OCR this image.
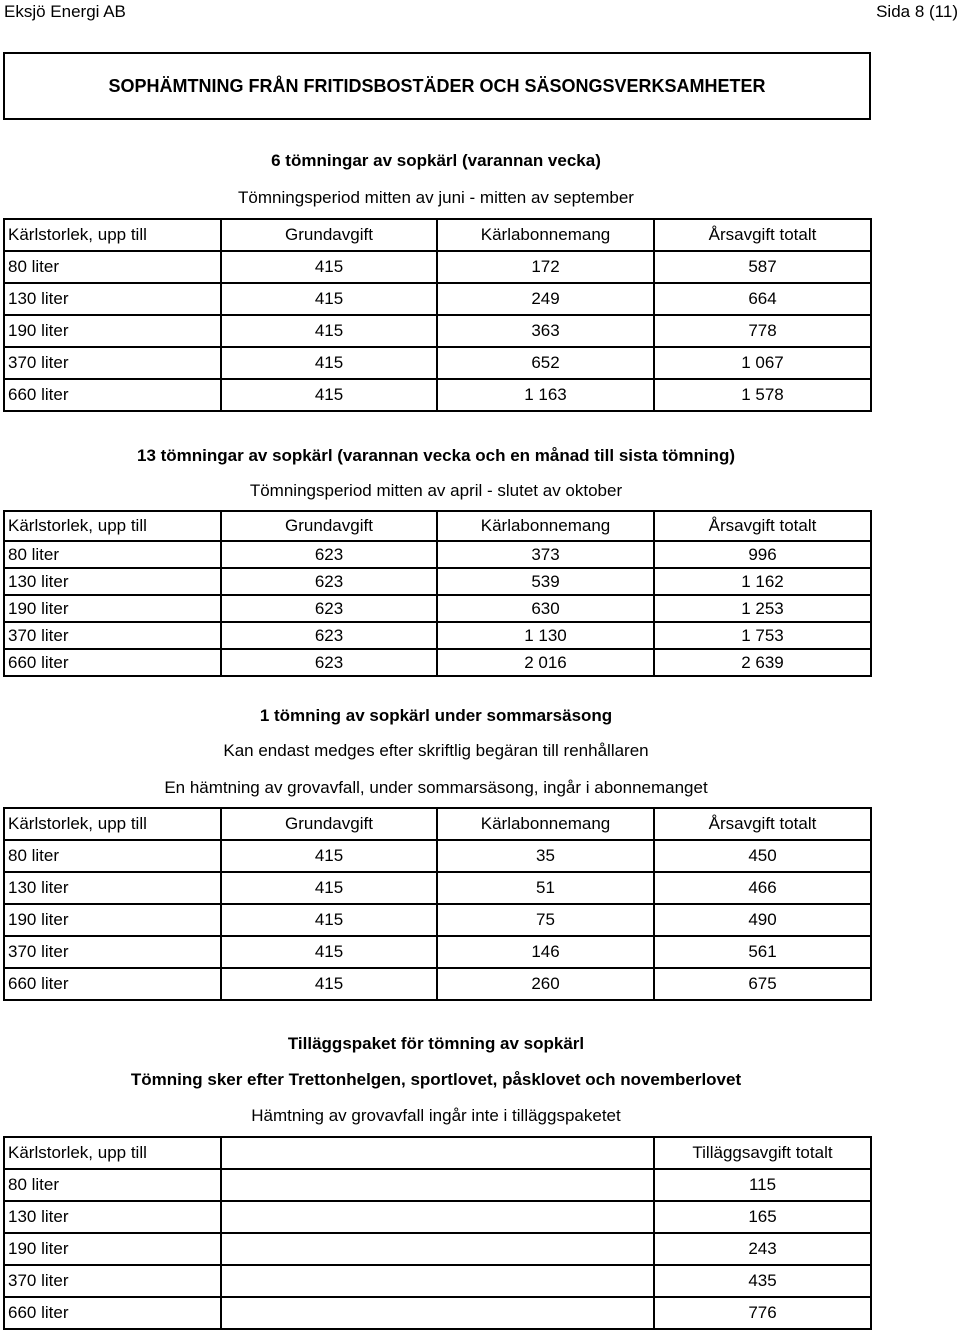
Eksjö Energi AB	Sida 8 (11)
SOPHÄMTNING FRÅN FRITIDSBOSTÄDER OCH SÄSONGSVERKSAMHETER
6 tömningar av sopkärl (varannan vecka)
Tömningsperiod mitten av juni - mitten av september
Kärlstorlek, upp till	Grundavgift	Kärlabonnemang	Årsavgift totalt
80 liter	415	172	587
130 liter	415	249	664
190 liter	415	363	778
370 liter	415	652	1 067
660 liter	415	1 163	1 578
13 tömningar av sopkärl (varannan vecka och en månad till sista tömning)
Tömningsperiod mitten av april - slutet av oktober
Kärlstorlek, upp till	Grundavgift	Kärlabonnemang	Årsavgift totalt
80 liter	623	373	996
130 liter	623	539	1 162
190 liter	623	630	1 253
370 liter	623	1 130	1 753
660 liter	623	2 016	2 639
1 tömning av sopkärl under sommarsäsong
Kan endast medges efter skriftlig begäran till renhållaren
En hämtning av grovavfall, under sommarsäsong, ingår i abonnemanget
Kärlstorlek, upp till	Grundavgift	Kärlabonnemang	Årsavgift totalt
80 liter	415	35	450
130 liter	415	51	466
190 liter	415	75	490
370 liter	415	146	561
660 liter	415	260	675
Tilläggspaket för tömning av sopkärl
Tömning sker efter Trettonhelgen, sportlovet, påsklovet och novemberlovet
Hämtning av grovavfall ingår inte i tilläggspaketet
Kärlstorlek, upp till		Tilläggsavgift totalt
80 liter		115
130 liter		165
190 liter		243
370 liter		435
660 liter		776
